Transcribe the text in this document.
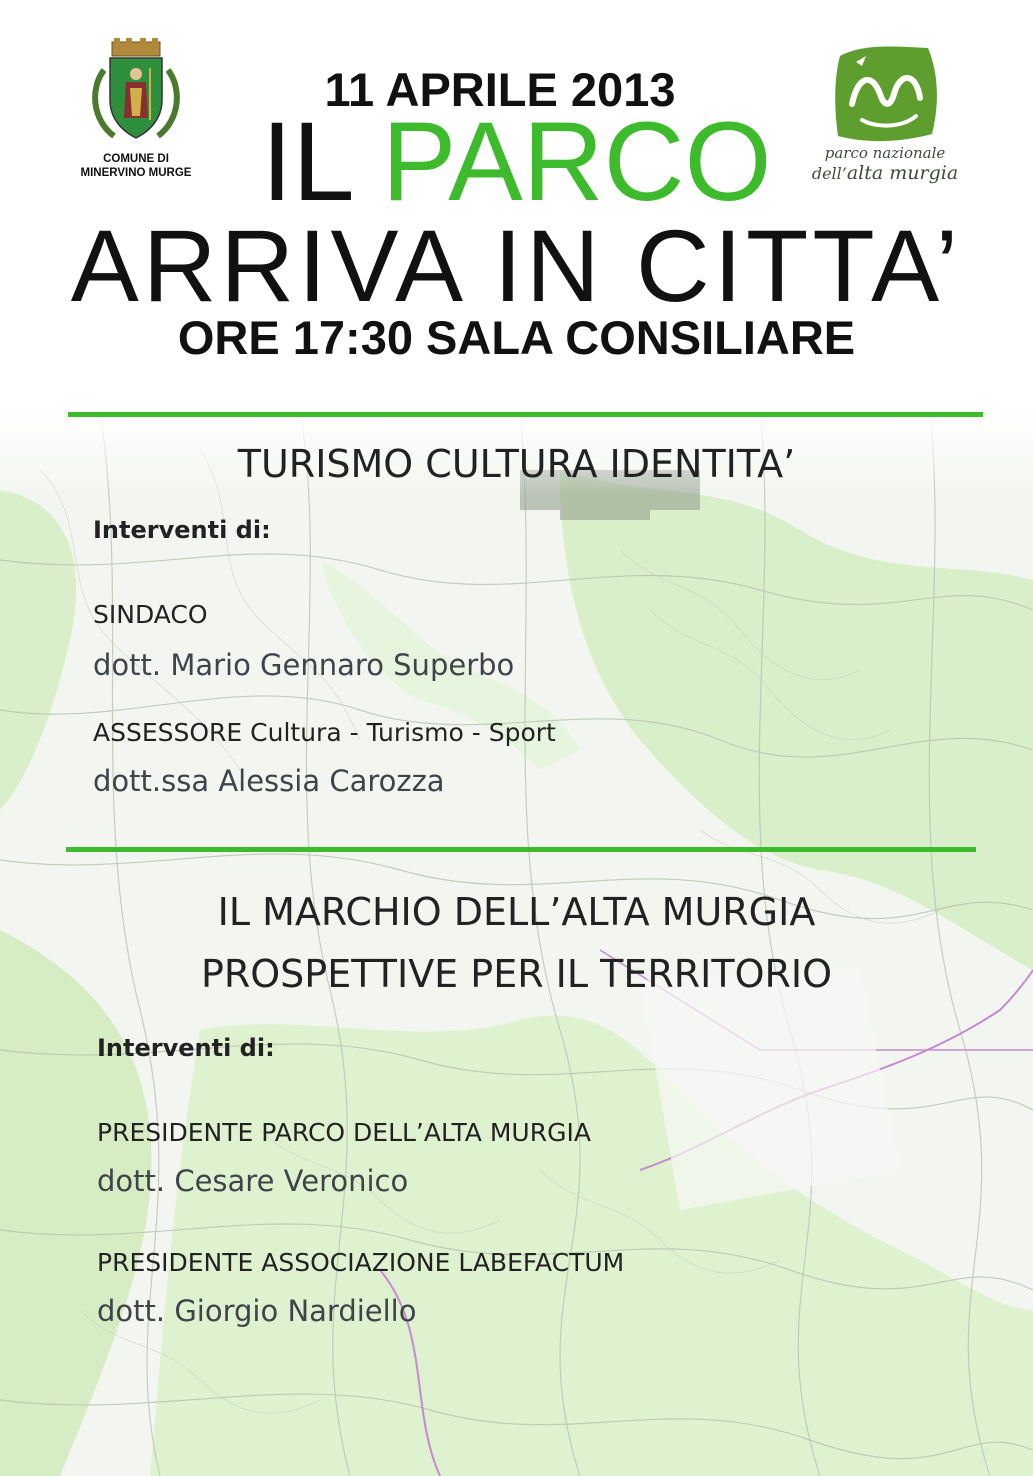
COMUNE DI
MINERVINO MURGE
parco nazionale
dell’alta murgia
11 APRILE 2013
IL PARCO
ARRIVA IN CITTA’
ORE 17:30 SALA CONSILIARE
TURISMO CULTURA IDENTITA’
Interventi di:
SINDACO
dott. Mario Gennaro Superbo
ASSESSORE Cultura - Turismo - Sport
dott.ssa Alessia Carozza
IL MARCHIO DELL’ALTA MURGIA
PROSPETTIVE PER IL TERRITORIO
Interventi di:
PRESIDENTE PARCO DELL’ALTA MURGIA
dott. Cesare Veronico
PRESIDENTE ASSOCIAZIONE LABEFACTUM
dott. Giorgio Nardiello
